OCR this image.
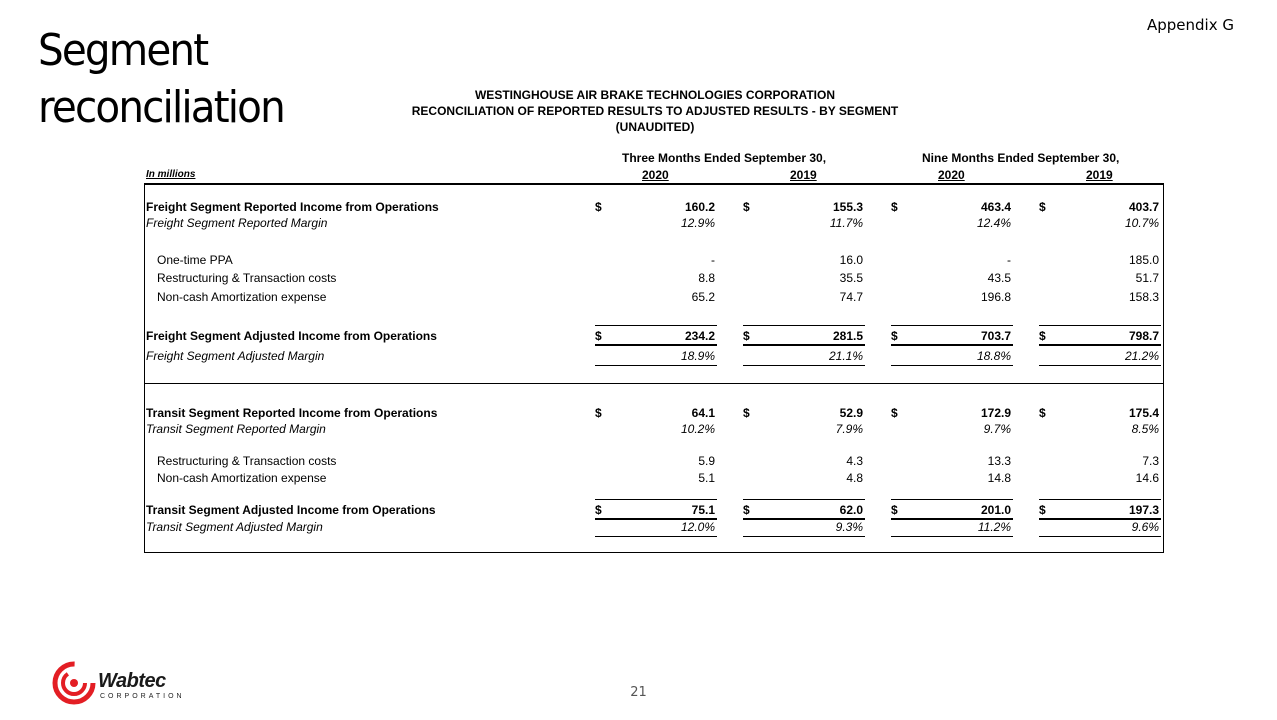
Segment
reconciliation
Appendix G
WESTINGHOUSE AIR BRAKE TECHNOLOGIES CORPORATION
RECONCILIATION OF REPORTED RESULTS TO ADJUSTED RESULTS - BY SEGMENT
(UNAUDITED)
Three Months Ended September 30,	Nine Months Ended September 30,
In millions	2020	2019	2020	2019
Freight Segment Reported Income from Operations	$	160.2 $	155.3 $	463.4 $	403.7
Freight Segment Reported Margin	12.9%	11.7%	12.4%	10.7%
One-time PPA	-	16.0	-	185.0
Restructuring & Transaction costs	8.8	35.5	43.5	51.7
Non-cash Amortization expense	65.2	74.7	196.8	158.3
Freight Segment Adjusted Income from Operations	$	234.2 $	281.5 $	703.7 $	798.7
Freight Segment Adjusted Margin	18.9%	21.1%	18.8%	21.2%
Transit Segment Reported Income from Operations	$	64.1 $	52.9 $	172.9 $	175.4
Transit Segment Reported Margin	10.2%	7.9%	9.7%	8.5%
Restructuring & Transaction costs	5.9	4.3	13.3	7.3
Non-cash Amortization expense	5.1	4.8	14.8	14.6
Transit Segment Adjusted Income from Operations	$	75.1 $	62.0 $	201.0 $	197.3
Transit Segment Adjusted Margin	12.0%	9.3%	11.2%	9.6%
21
Wabtec
CORPORATION
